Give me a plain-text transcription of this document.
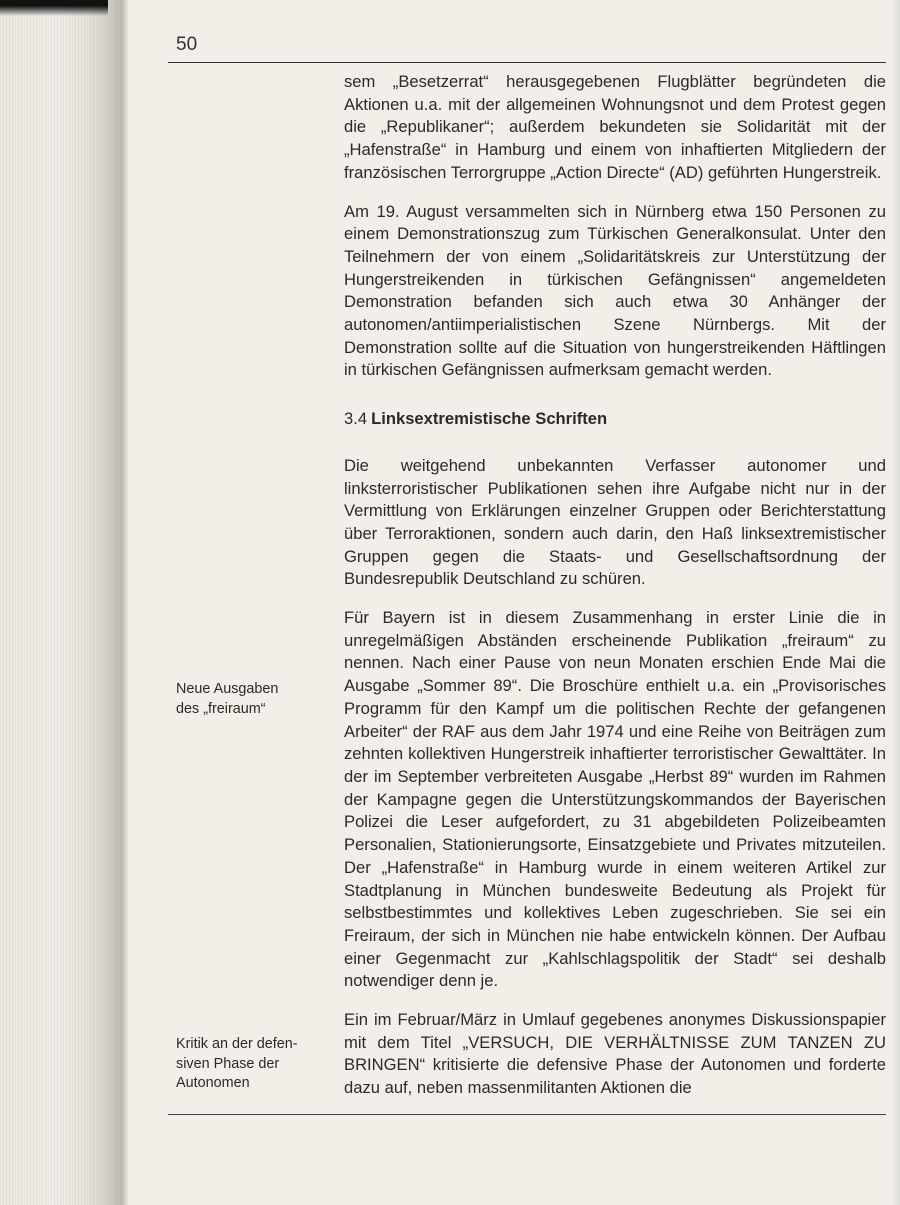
50

sem „Besetzerrat“ herausgegebenen Flugblätter begründeten die Aktionen u.a. mit der allgemeinen Wohnungsnot und dem Protest gegen die „Republikaner“; außerdem bekundeten sie Solidarität mit der „Hafenstraße“ in Hamburg und einem von inhaftierten Mitgliedern der französischen Terrorgruppe „Action Directe“ (AD) geführten Hungerstreik.

Am 19. August versammelten sich in Nürnberg etwa 150 Personen zu einem Demonstrationszug zum Türkischen Generalkonsulat. Unter den Teilnehmern der von einem „Solidaritätskreis zur Unterstützung der Hungerstreikenden in türkischen Gefängnissen“ angemeldeten Demonstration befanden sich auch etwa 30 Anhänger der autonomen/antiimperialistischen Szene Nürnbergs. Mit der Demonstration sollte auf die Situation von hungerstreikenden Häftlingen in türkischen Gefängnissen aufmerksam gemacht werden.

3.4 Linksextremistische Schriften

Die weitgehend unbekannten Verfasser autonomer und linksterroristischer Publikationen sehen ihre Aufgabe nicht nur in der Vermittlung von Erklärungen einzelner Gruppen oder Berichterstattung über Terroraktionen, sondern auch darin, den Haß linksextremistischer Gruppen gegen die Staats- und Gesellschaftsordnung der Bundesrepublik Deutschland zu schüren.

Für Bayern ist in diesem Zusammenhang in erster Linie die in unregelmäßigen Abständen erscheinende Publikation „freiraum“ zu nennen. Nach einer Pause von neun Monaten erschien Ende Mai die Ausgabe „Sommer 89“. Die Broschüre enthielt u.a. ein „Provisorisches Programm für den Kampf um die politischen Rechte der gefangenen Arbeiter“ der RAF aus dem Jahr 1974 und eine Reihe von Beiträgen zum zehnten kollektiven Hungerstreik inhaftierter terroristischer Gewalttäter. In der im September verbreiteten Ausgabe „Herbst 89“ wurden im Rahmen der Kampagne gegen die Unterstützungskommandos der Bayerischen Polizei die Leser aufgefordert, zu 31 abgebildeten Polizeibeamten Personalien, Stationierungsorte, Einsatzgebiete und Privates mitzuteilen. Der „Hafenstraße“ in Hamburg wurde in einem weiteren Artikel zur Stadtplanung in München bundesweite Bedeutung als Projekt für selbstbestimmtes und kollektives Leben zugeschrieben. Sie sei ein Freiraum, der sich in München nie habe entwickeln können. Der Aufbau einer Gegenmacht zur „Kahlschlagspolitik der Stadt“ sei deshalb notwendiger denn je.

Ein im Februar/März in Umlauf gegebenes anonymes Diskussionspapier mit dem Titel „VERSUCH, DIE VERHÄLTNISSE ZUM TANZEN ZU BRINGEN“ kritisierte die defensive Phase der Autonomen und forderte dazu auf, neben massenmilitanten Aktionen die

Neue Ausgaben
des „freiraum“
Kritik an der defen-
siven Phase der
Autonomen
